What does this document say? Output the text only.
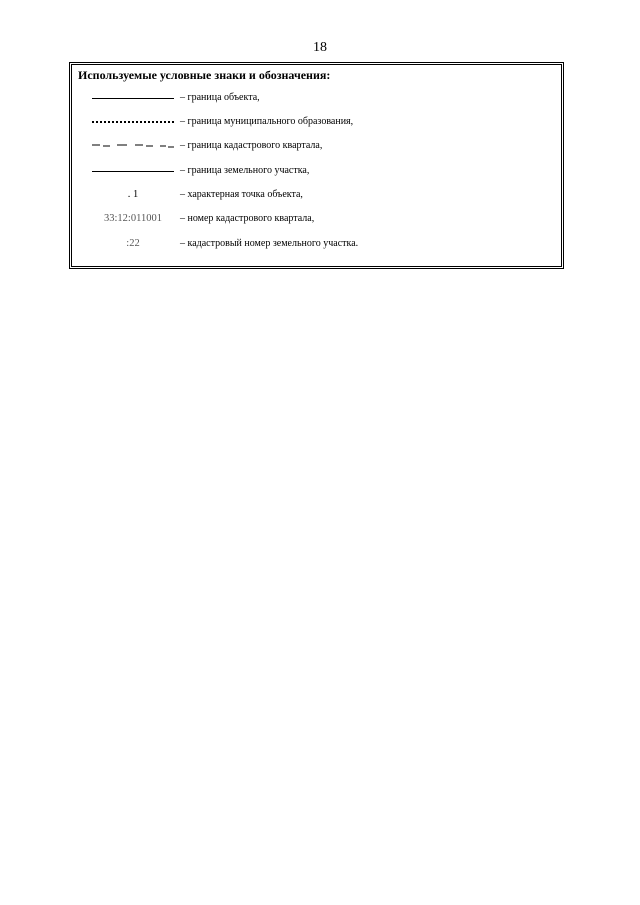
18
Используемые условные знаки и обозначения:
– граница объекта,
– граница муниципального образования,
– граница кадастрового квартала,
– граница земельного участка,
. 1	– характерная точка объекта,
33:12:011001	– номер кадастрового квартала,
:22	– кадастровый номер земельного участка.
